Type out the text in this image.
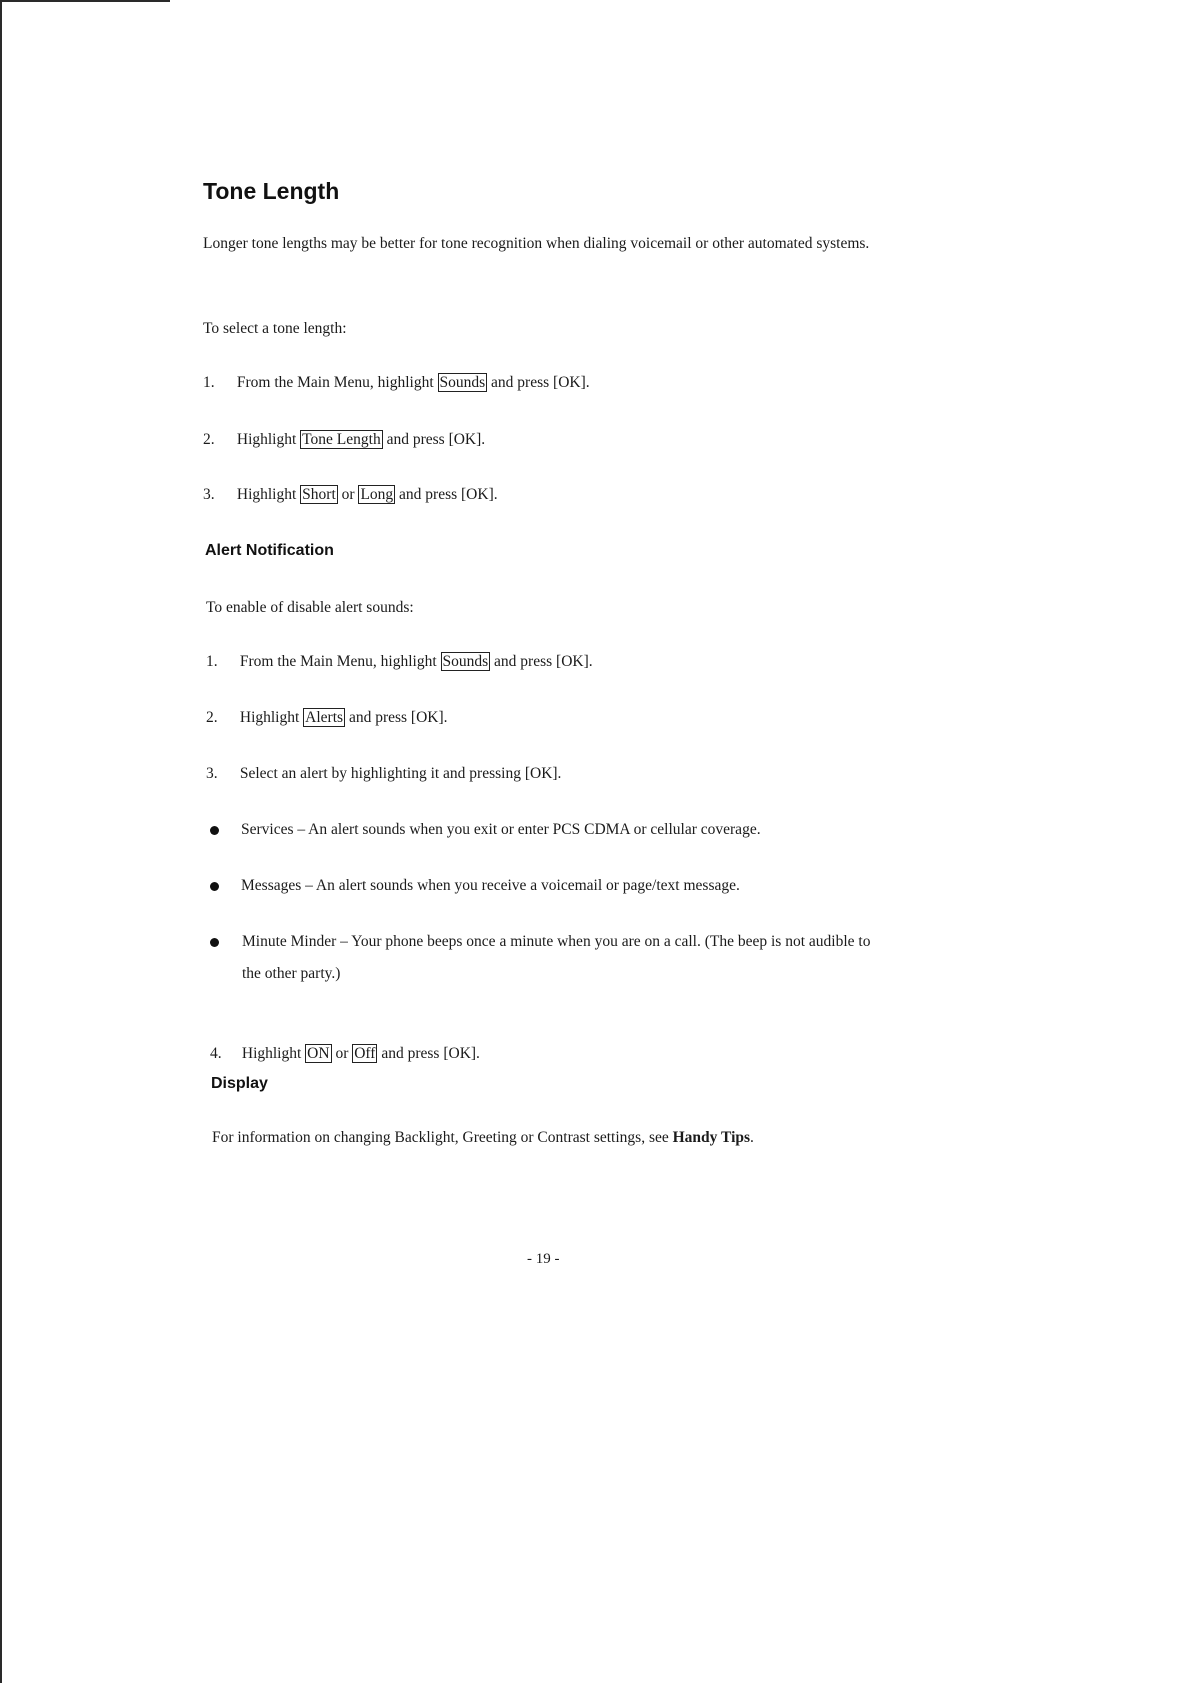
Tone Length
Longer tone lengths may be better for tone recognition when dialing voicemail or other automated systems.
To select a tone length:
1. From the Main Menu, highlight Sounds and press [OK].
2. Highlight Tone Length and press [OK].
3. Highlight Short or Long and press [OK].
Alert Notification
To enable of disable alert sounds:
1. From the Main Menu, highlight Sounds and press [OK].
2. Highlight Alerts and press [OK].
3. Select an alert by highlighting it and pressing [OK].
Services – An alert sounds when you exit or enter PCS CDMA or cellular coverage.
Messages – An alert sounds when you receive a voicemail or page/text message.
Minute Minder – Your phone beeps once a minute when you are on a call. (The beep is not audible to the other party.)
4. Highlight ON or Off and press [OK].
Display
For information on changing Backlight, Greeting or Contrast settings, see Handy Tips.
- 19 -
